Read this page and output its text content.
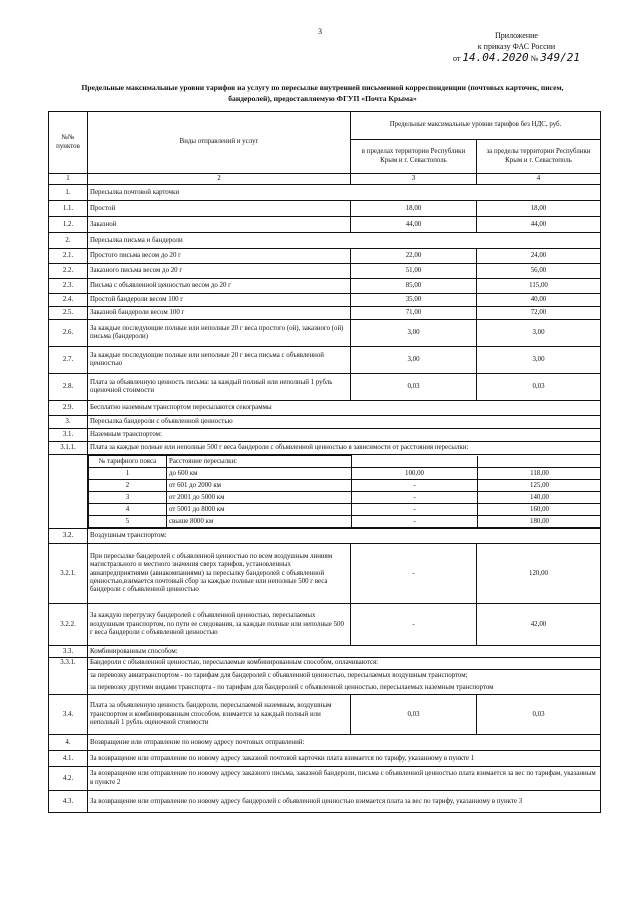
3	Приложение
к приказу ФАС России
от 14.04.2020 № 349/21
Предельные максимальные уровни тарифов на услугу по пересылке внутренней письменной корреспонденции (почтовых карточек, писем,
бандеролей), предоставляемую ФГУП «Почта Крыма»
№№ пунктов	Виды отправлений и услуг	Предельные максимальные уровни тарифов без НДС, руб.
в пределах территории Республики Крым и г. Севастополь	за пределы территории Республики Крым и г. Севастополь
1	2	3	4
1.	Пересылка почтовой карточки
1.1.	Простой	18,00	18,00
1.2.	Заказной	44,00	44,00
2.	Пересылка письма и бандероли
2.1.	Простого письма весом до 20 г	22,00	24,00
2.2.	Заказного письма весом до 20 г	51,00	56,00
2.3.	Письма с объявленной ценностью весом до 20 г	85,00	115,00
2.4.	Простой бандероли весом 100 г	35,00	40,00
2.5.	Заказной бандероли весом 100 г	71,00	72,00
2.6.	За каждые последующие полные или неполные 20 г веса простого (ой), заказного (ой) письма (бандероли)	3,00	3,00
2.7.	За каждые последующие полные или неполные 20 г веса письма с объявленной ценностью	3,00	3,00
2.8.	Плата за объявленную ценность письма: за каждый полный или неполный 1 рубль оценочной стоимости	0,03	0,03
2.9.	Бесплатно наземным транспортом пересылаются секограммы
3.	Пересылка бандероли с объявленной ценностью
3.1.	Наземным транспортом:
3.1.1.	Плата за каждые полные или неполные 500 г веса бандероли с объявленной ценностью в зависимости от расстояния пересылки:

№ тарифного пояса	Расстояние пересылки:		
1	до 600 км	100,00	118,00
2	от 601 до 2000 км	-	125,00
3	от 2001 до 5000 км	-	140,00
4	от 5001 до 8000 км	-	160,00
5	свыше 8000 км	-	180,00

3.2.	Воздушным транспортом:
3.2.1.	При пересылке бандеролей с объявленной ценностью по всем воздушным линиям магистрального и местного значения сверх тарифов, установленных авиапредприятиями (авиакомпаниями) за пересылку бандеролей с объявленной ценностью,взимается почтовый сбор за каждые полные или неполные 500 г веса бандероли с объявленной ценностью	-	120,00
3.2.2.	За каждую перегрузку бандеролей с объявленной ценностью, пересылаемых воздушным транспортом, по пути ее следования, за каждые полные или неполные 500 г веса бандероли с объявленной ценностью	-	42,00
3.3.	Комбинированным способом:
3.3.1.	Бандероли с объявленной ценностью, пересылаемые комбинированным способом, оплачиваются:
за перевозку авиатранспортом - по тарифам для бандеролей с объявленной ценностью, пересылаемых воздушным транспортом;
за перевозку другими видами транспорта - по тарифам для бандеролей с объявленной ценностью, пересылаемых наземным транспортом

3.4.	Плата за объявленную ценность бандероли, пересылаемой наземным, воздушным транспортом и комбинированным способом, взимается за каждый полный или неполный 1 рубль оценочной стоимости	0,03	0,03
4.	Возвращение или отправление по новому адресу почтовых отправлений:
4.1.	За возвращение или отправление по новому адресу заказной почтовой карточки плата взимается по тарифу, указанному в пункте 1
4.2.	За возвращение или отправление по новому адресу заказного письма, заказной бандероли, письма с объявленной ценностью плата взимается за вес по тарифам, указанным в пункте 2
4.3.	За возвращение или отправление по новому адресу бандеролей с объявленной ценностью взимается плата за вес по тарифу, указанному в пункте 3
